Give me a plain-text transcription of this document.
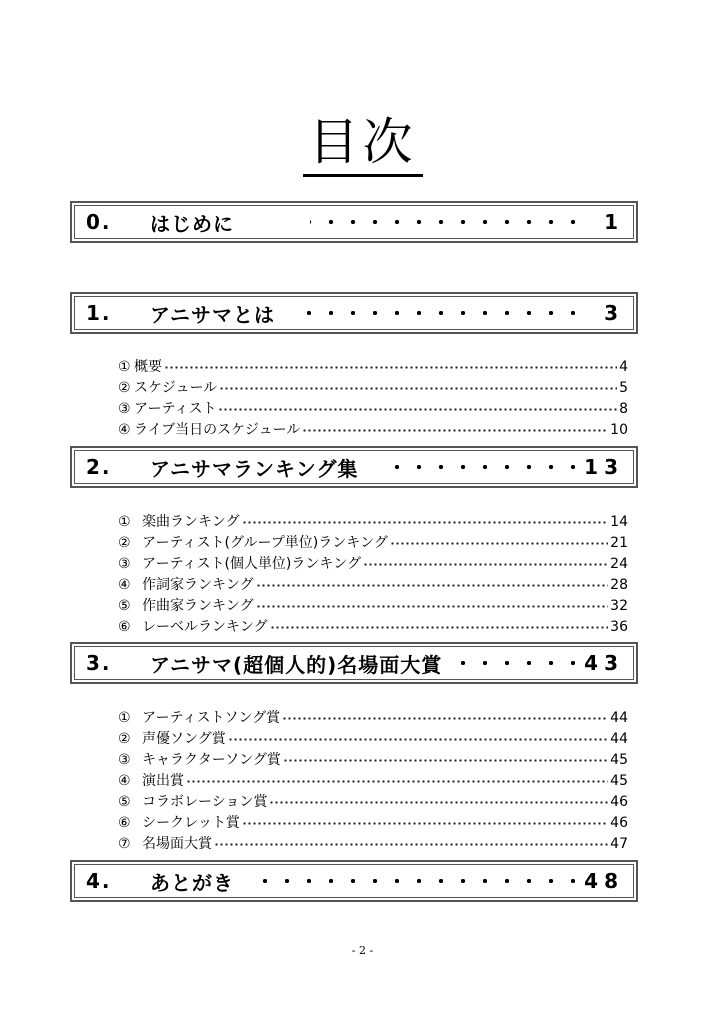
目次
0. はじめに	1
1. アニサマとは	3
① 概要	4
② スケジュール	5
③ アーティスト	8
④ ライブ当日のスケジュール	10
2. アニサマランキング集	13
① 楽曲ランキング	14
② アーティスト(グループ単位)ランキング	21
③ アーティスト(個人単位)ランキング	24
④ 作詞家ランキング	28
⑤ 作曲家ランキング	32
⑥ レーベルランキング	36
3. アニサマ(超個人的)名場面大賞	43
① アーティストソング賞	44
② 声優ソング賞	44
③ キャラクターソング賞	45
④ 演出賞	45
⑤ コラボレーション賞	46
⑥ シークレット賞	46
⑦ 名場面大賞	47
4. あとがき	48
- 2 -
